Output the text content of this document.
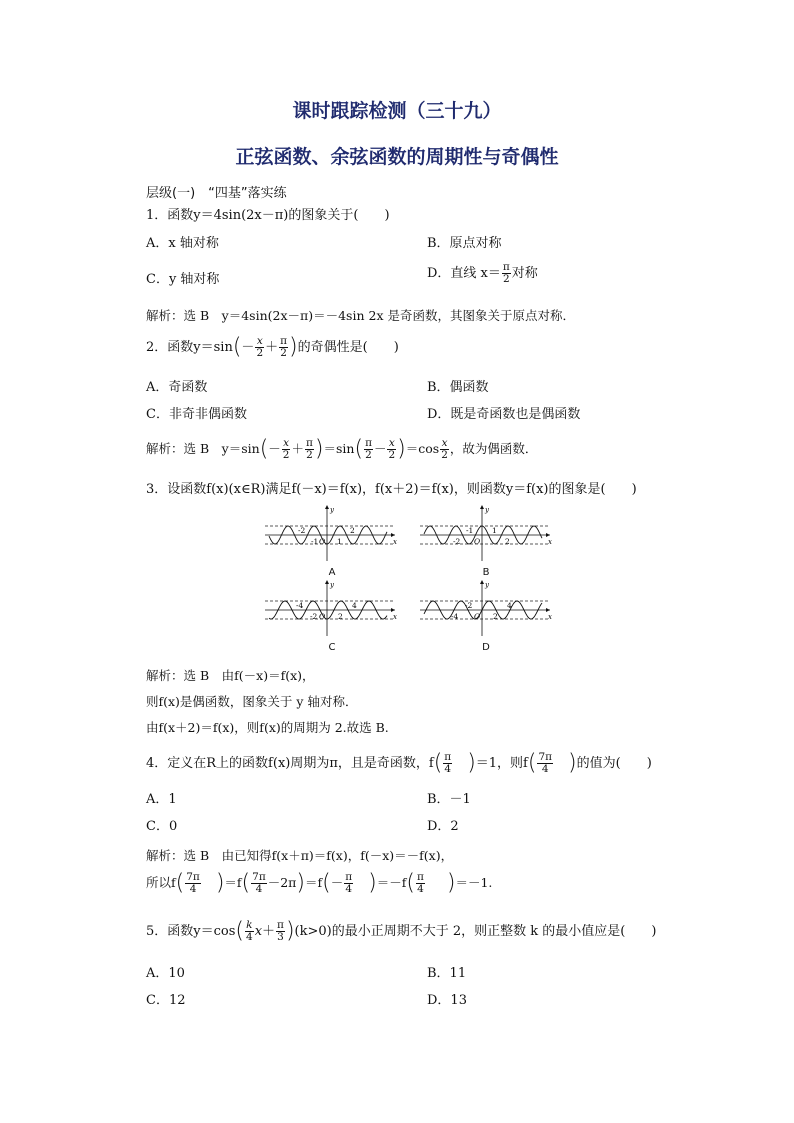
课时跟踪检测（三十九）
正弦函数、余弦函数的周期性与奇偶性
层级(一)　“四基”落实练
1．函数y＝4sin(2x－π)的图象关于(　　)
A．x 轴对称	B．原点对称
C．y 轴对称	D．直线 $x= \frac{\pi}{2}$ 对称
解析：选 B　y＝4sin(2x－π)＝－4sin 2x 是奇函数，其图象关于原点对称．
2．函数$y=\sin(- \frac{x}{2} + \frac{\pi}{2}$ )的奇偶性是(　　)
A．奇函数	B．偶函数
C．非奇非偶函数	D．既是奇函数也是偶函数
解析：选 B　$y=\sin(- \frac{x}{2} + \frac{\pi}{2} )=\sin( \frac{\pi}{2} - \frac{x}{2} )=\cos \frac{x}{2}$ ，故为偶函数．
3．设函数f(x)(x∈R)满足f(－x)＝f(x)，f(x＋2)＝f(x)，则函数y＝f(x)的图象是(　　)
x
y
-2
-1 O 1
2
x
y
-2
-1
O
1
2
x
y
-4
-2 O 2
4
x
y
-4
-2
O 2
4
A	B
C	D
解析：选 B　由f(－x)＝f(x)，
则f(x)是偶函数，图象关于 y 轴对称．
由f(x＋2)＝f(x)，则f(x)的周期为 2.故选 B.
4．定义在R上的函数f(x)周期为π，且是奇函数，$f( \frac{\pi}{4} )=1$，则$f( \frac{7\pi}{4}$ )的值为(　　)
A．1	B．－1
C．0	D．2
解析：选 B　由已知得f(x＋π)＝f(x)，f(－x)＝－f(x)，
所以$f( \frac{7\pi}{4} )=f( \frac{7\pi}{4} -2\pi)=f(- \frac{\pi}{4} )=-f( \frac{\pi}{4} )=-1$.
5．函数$y=\cos( \frac{k}{4} x+ \frac{\pi}{3} )(k>0)$的最小正周期不大于 2，则正整数 k 的最小值应是(　　)
A．10	B．11
C．12	D．13
